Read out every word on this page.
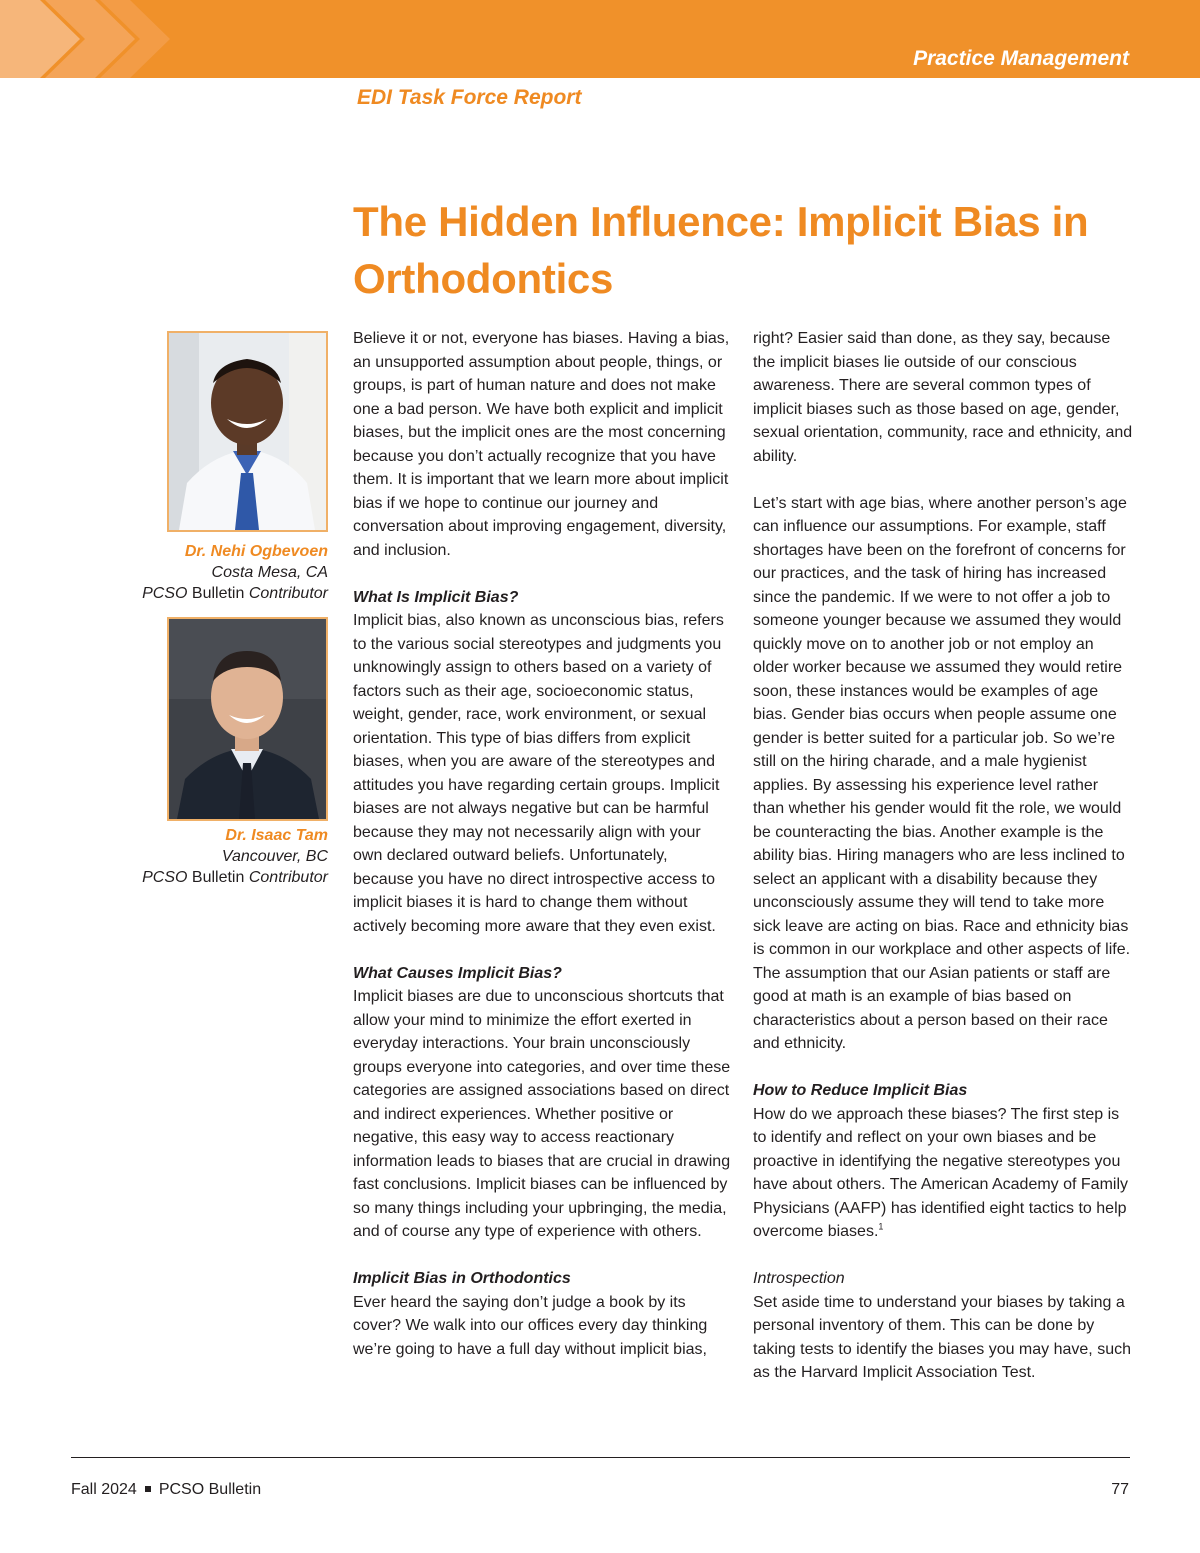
Practice Management
EDI Task Force Report
The Hidden Influence: Implicit Bias in Orthodontics
Dr. Nehi Ogbevoen
Costa Mesa, CA
PCSO Bulletin Contributor
Dr. Isaac Tam
Vancouver, BC
PCSO Bulletin Contributor

Believe it or not, everyone has biases. Having a bias, an unsupported assumption about people, things, or groups, is part of human nature and does not make one a bad person. We have both explicit and implicit biases, but the implicit ones are the most concerning because you don’t actually recognize that you have them. It is important that we learn more about implicit bias if we hope to continue our journey and conversation about improving engagement, diversity, and inclusion.

What Is Implicit Bias?

Implicit bias, also known as unconscious bias, refers to the various social stereotypes and judgments you unknowingly assign to others based on a variety of factors such as their age, socioeconomic status, weight, gender, race, work environment, or sexual orientation. This type of bias differs from explicit biases, when you are aware of the stereotypes and attitudes you have regarding certain groups. Implicit biases are not always negative but can be harmful because they may not necessarily align with your own declared outward beliefs. Unfortunately, because you have no direct introspective access to implicit biases it is hard to change them without actively becoming more aware that they even exist.

What Causes Implicit Bias?

Implicit biases are due to unconscious shortcuts that allow your mind to minimize the effort exerted in everyday interactions. Your brain unconsciously groups everyone into categories, and over time these categories are assigned associations based on direct and indirect experiences. Whether positive or negative, this easy way to access reactionary information leads to biases that are crucial in drawing fast conclusions. Implicit biases can be influenced by so many things including your upbringing, the media, and of course any type of experience with others.

Implicit Bias in Orthodontics

Ever heard the saying don’t judge a book by its cover? We walk into our offices every day thinking we’re going to have a full day without implicit bias,

right? Easier said than done, as they say, because the implicit biases lie outside of our conscious awareness. There are several common types of implicit biases such as those based on age, gender, sexual orientation, community, race and ethnicity, and ability.

Let’s start with age bias, where another person’s age can influence our assumptions. For example, staff shortages have been on the forefront of concerns for our practices, and the task of hiring has increased since the pandemic. If we were to not offer a job to someone younger because we assumed they would quickly move on to another job or not employ an older worker because we assumed they would retire soon, these instances would be examples of age bias. Gender bias occurs when people assume one gender is better suited for a particular job. So we’re still on the hiring charade, and a male hygienist applies. By assessing his experience level rather than whether his gender would fit the role, we would be counteracting the bias. Another example is the ability bias. Hiring managers who are less inclined to select an applicant with a disability because they unconsciously assume they will tend to take more sick leave are acting on bias. Race and ethnicity bias is common in our workplace and other aspects of life. The assumption that our Asian patients or staff are good at math is an example of bias based on characteristics about a person based on their race and ethnicity.

How to Reduce Implicit Bias

How do we approach these biases? The first step is to identify and reflect on your own biases and be proactive in identifying the negative stereotypes you have about others. The American Academy of Family Physicians (AAFP) has identified eight tactics to help overcome biases.$^1$

Introspection

Set aside time to understand your biases by taking a personal inventory of them. This can be done by taking tests to identify the biases you may have, such as the Harvard Implicit Association Test.

Fall 2024 PCSO Bulletin	77
